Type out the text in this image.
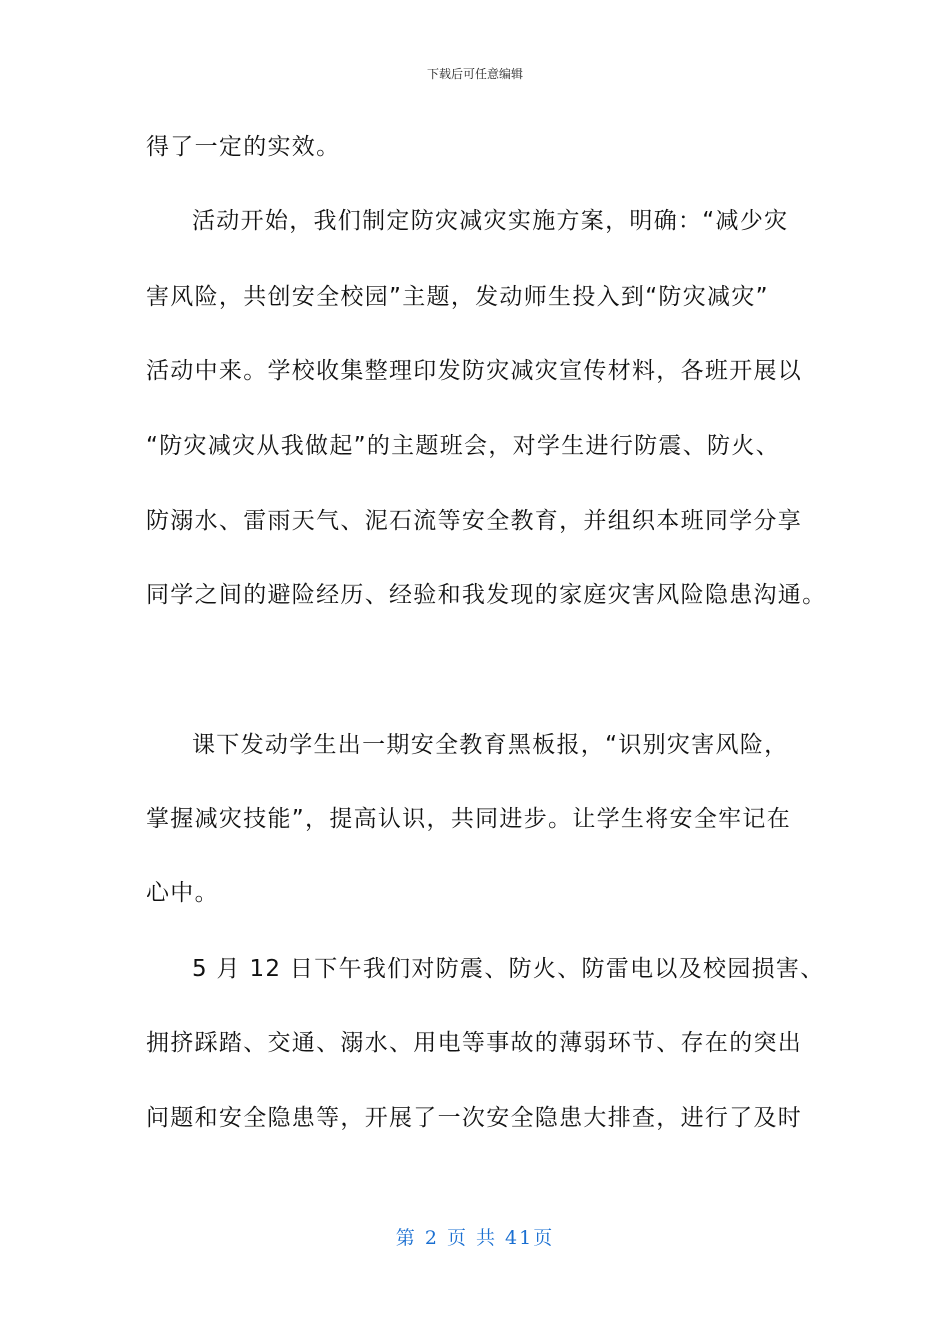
下载后可任意编辑
得了一定的实效。
活动开始，我们制定防灾减灾实施方案，明确：“减少灾
害风险，共创安全校园”主题，发动师生投入到“防灾减灾”
活动中来。学校收集整理印发防灾减灾宣传材料，各班开展以
“防灾减灾从我做起”的主题班会，对学生进行防震、防火、
防溺水、雷雨天气、泥石流等安全教育，并组织本班同学分享
同学之间的避险经历、经验和我发现的家庭灾害风险隐患沟通。
课下发动学生出一期安全教育黑板报，“识别灾害风险，
掌握减灾技能”，提高认识，共同进步。让学生将安全牢记在
心中。
5 月 12 日下午我们对防震、防火、防雷电以及校园损害、
拥挤踩踏、交通、溺水、用电等事故的薄弱环节、存在的突出
问题和安全隐患等，开展了一次安全隐患大排查，进行了及时
第 2 页 共 41页
